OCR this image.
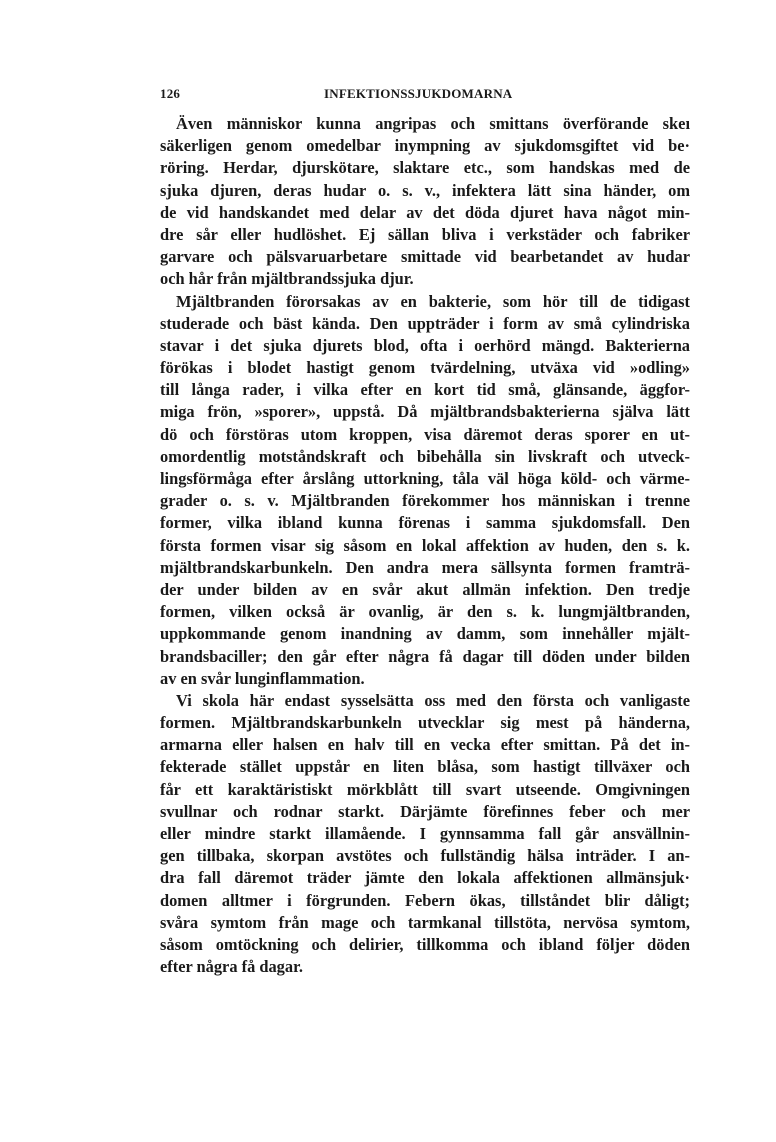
126	INFEKTIONSSJUKDOMARNA
Även människor kunna angripas och smittans överförande skeı
säkerligen genom omedelbar inympning av sjukdomsgiftet vid be·
röring. Herdar, djurskötare, slaktare etc., som handskas med de
sjuka djuren, deras hudar o. s. v., infektera lätt sina händer, om
de vid handskandet med delar av det döda djuret hava något min-
dre sår eller hudlöshet. Ej sällan bliva i verkstäder och fabriker
garvare och pälsvaruarbetare smittade vid bearbetandet av hudar
och hår från mjältbrandssjuka djur.
Mjältbranden förorsakas av en bakterie, som hör till de tidigast
studerade och bäst kända. Den uppträder i form av små cylindriska
stavar i det sjuka djurets blod, ofta i oerhörd mängd. Bakterierna
förökas i blodet hastigt genom tvärdelning, utväxa vid »odling»
till långa rader, i vilka efter en kort tid små, glänsande, äggfor-
miga frön, »sporer», uppstå. Då mjältbrandsbakterierna själva lätt
dö och förstöras utom kroppen, visa däremot deras sporer en ut-
omordentlig motståndskraft och bibehålla sin livskraft och utveck-
lingsförmåga efter årslång uttorkning, tåla väl höga köld- och värme-
grader o. s. v. Mjältbranden förekommer hos människan i trenne
former, vilka ibland kunna förenas i samma sjukdomsfall. Den
första formen visar sig såsom en lokal affektion av huden, den s. k.
mjältbrandskarbunkeln. Den andra mera sällsynta formen framträ-
der under bilden av en svår akut allmän infektion. Den tredje
formen, vilken också är ovanlig, är den s. k. lungmjältbranden,
uppkommande genom inandning av damm, som innehåller mjält-
brandsbaciller; den går efter några få dagar till döden under bilden
av en svår lunginflammation.
Vi skola här endast sysselsätta oss med den första och vanligaste
formen. Mjältbrandskarbunkeln utvecklar sig mest på händerna,
armarna eller halsen en halv till en vecka efter smittan. På det in-
fekterade stället uppstår en liten blåsa, som hastigt tillväxer och
får ett karaktäristiskt mörkblått till svart utseende. Omgivningen
svullnar och rodnar starkt. Därjämte förefinnes feber och mer
eller mindre starkt illamående. I gynnsamma fall går ansvällnin-
gen tillbaka, skorpan avstötes och fullständig hälsa inträder. I an-
dra fall däremot träder jämte den lokala affektionen allmänsjuk·
domen alltmer i förgrunden. Febern ökas, tillståndet blir dåligt;
svåra symtom från mage och tarmkanal tillstöta, nervösa symtom,
såsom omtöckning och delirier, tillkomma och ibland följer döden
efter några få dagar.
